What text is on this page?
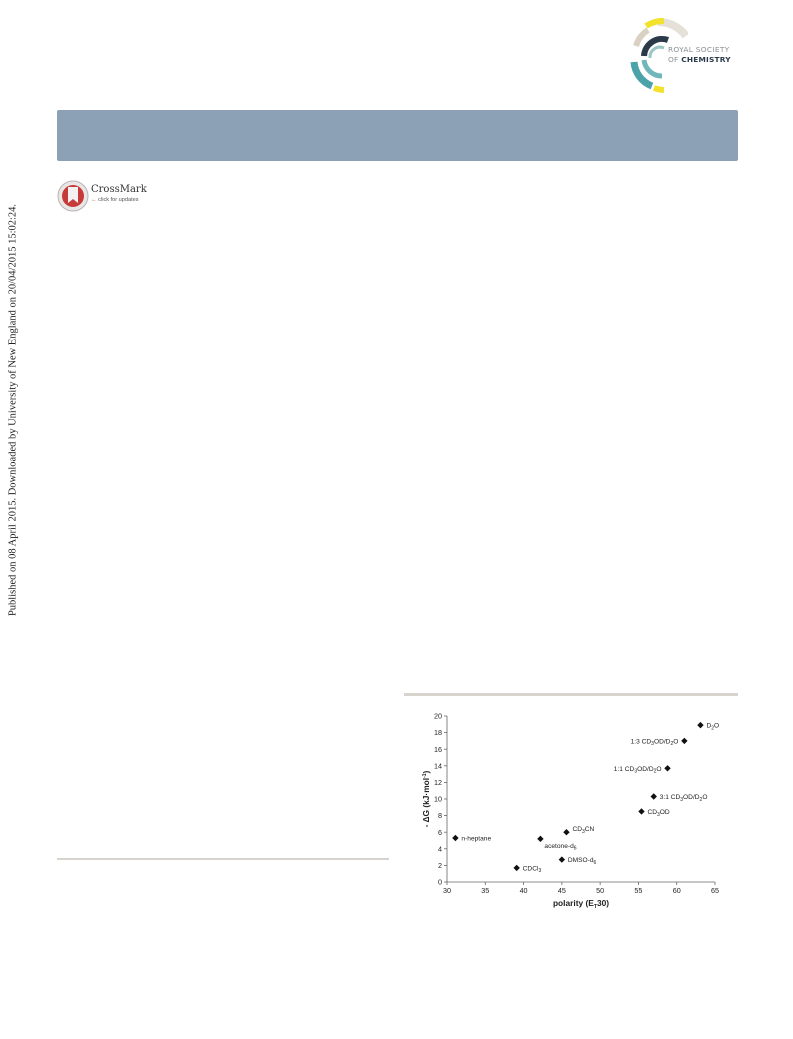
Published on 08 April 2015. Downloaded by University of New England on 20/04/2015 15:02:24.
ROYAL SOCIETY
OF CHEMISTRY
CrossMark
← click for updates
0
2
4
6
8
10
12
14
16
18
20
30	35	40	45	50	55	60	65
polarity $(E_T30)$
- ΔG (kJ·mol$^{-1}$)
n-heptane
CDCl$_3$
acetone-$d_6$
DMSO-$d_6$
$CD_3CN$
$CD_3OD$
3:1 $CD_3OD/D_2O$
1:1 $CD_3OD/D_2O$
1:3 $CD_3OD/D_2O$
$D_2O$
